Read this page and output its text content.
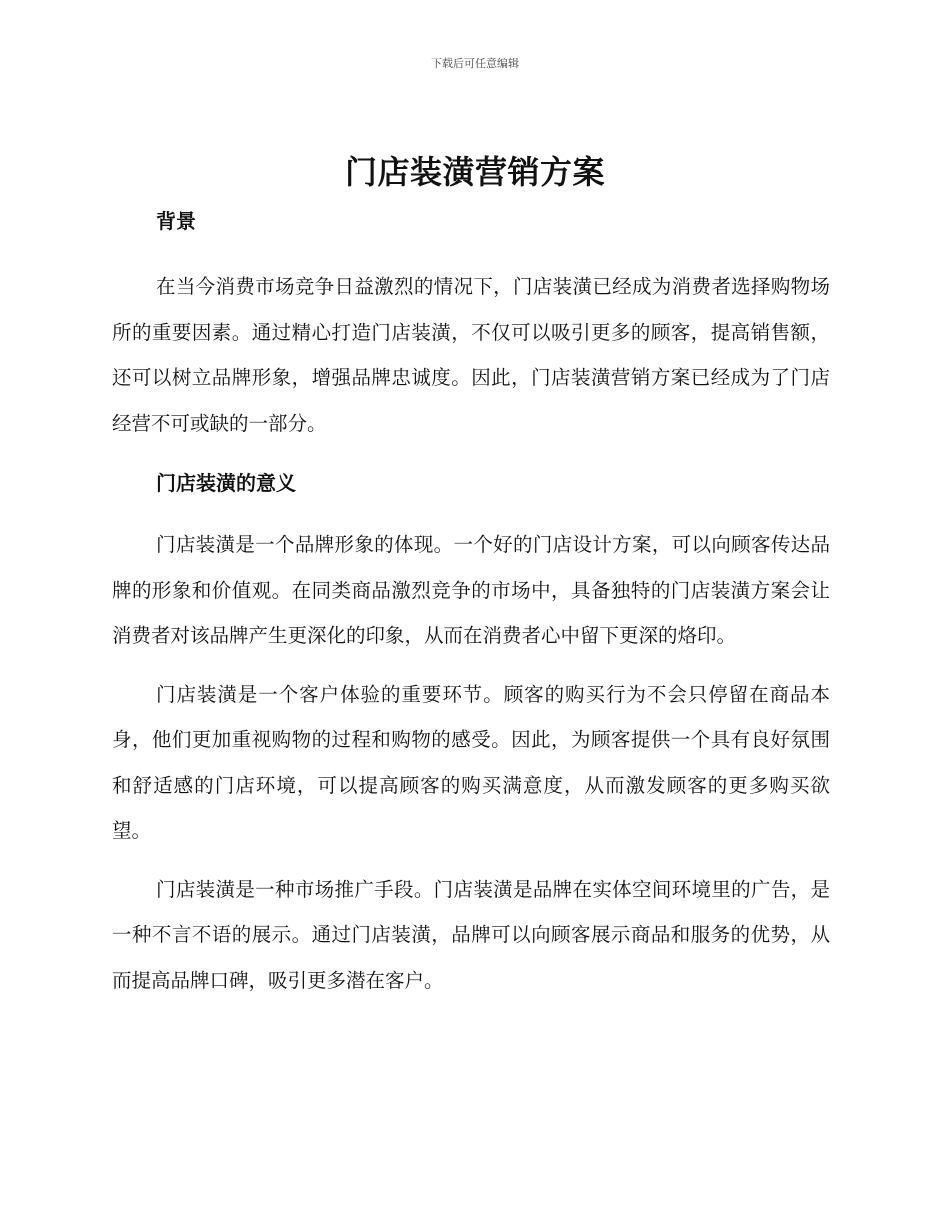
下载后可任意编辑

门店装潢营销方案
背景

在当今消费市场竞争日益激烈的情况下，门店装潢已经成为消费者选择购物场所的重要因素。通过精心打造门店装潢，不仅可以吸引更多的顾客，提高销售额，还可以树立品牌形象，增强品牌忠诚度。因此，门店装潢营销方案已经成为了门店经营不可或缺的一部分。

门店装潢的意义

门店装潢是一个品牌形象的体现。一个好的门店设计方案，可以向顾客传达品牌的形象和价值观。在同类商品激烈竞争的市场中，具备独特的门店装潢方案会让消费者对该品牌产生更深化的印象，从而在消费者心中留下更深的烙印。

门店装潢是一个客户体验的重要环节。顾客的购买行为不会只停留在商品本身，他们更加重视购物的过程和购物的感受。因此，为顾客提供一个具有良好氛围和舒适感的门店环境，可以提高顾客的购买满意度，从而激发顾客的更多购买欲望。

门店装潢是一种市场推广手段。门店装潢是品牌在实体空间环境里的广告，是一种不言不语的展示。通过门店装潢，品牌可以向顾客展示商品和服务的优势，从而提高品牌口碑，吸引更多潜在客户。
